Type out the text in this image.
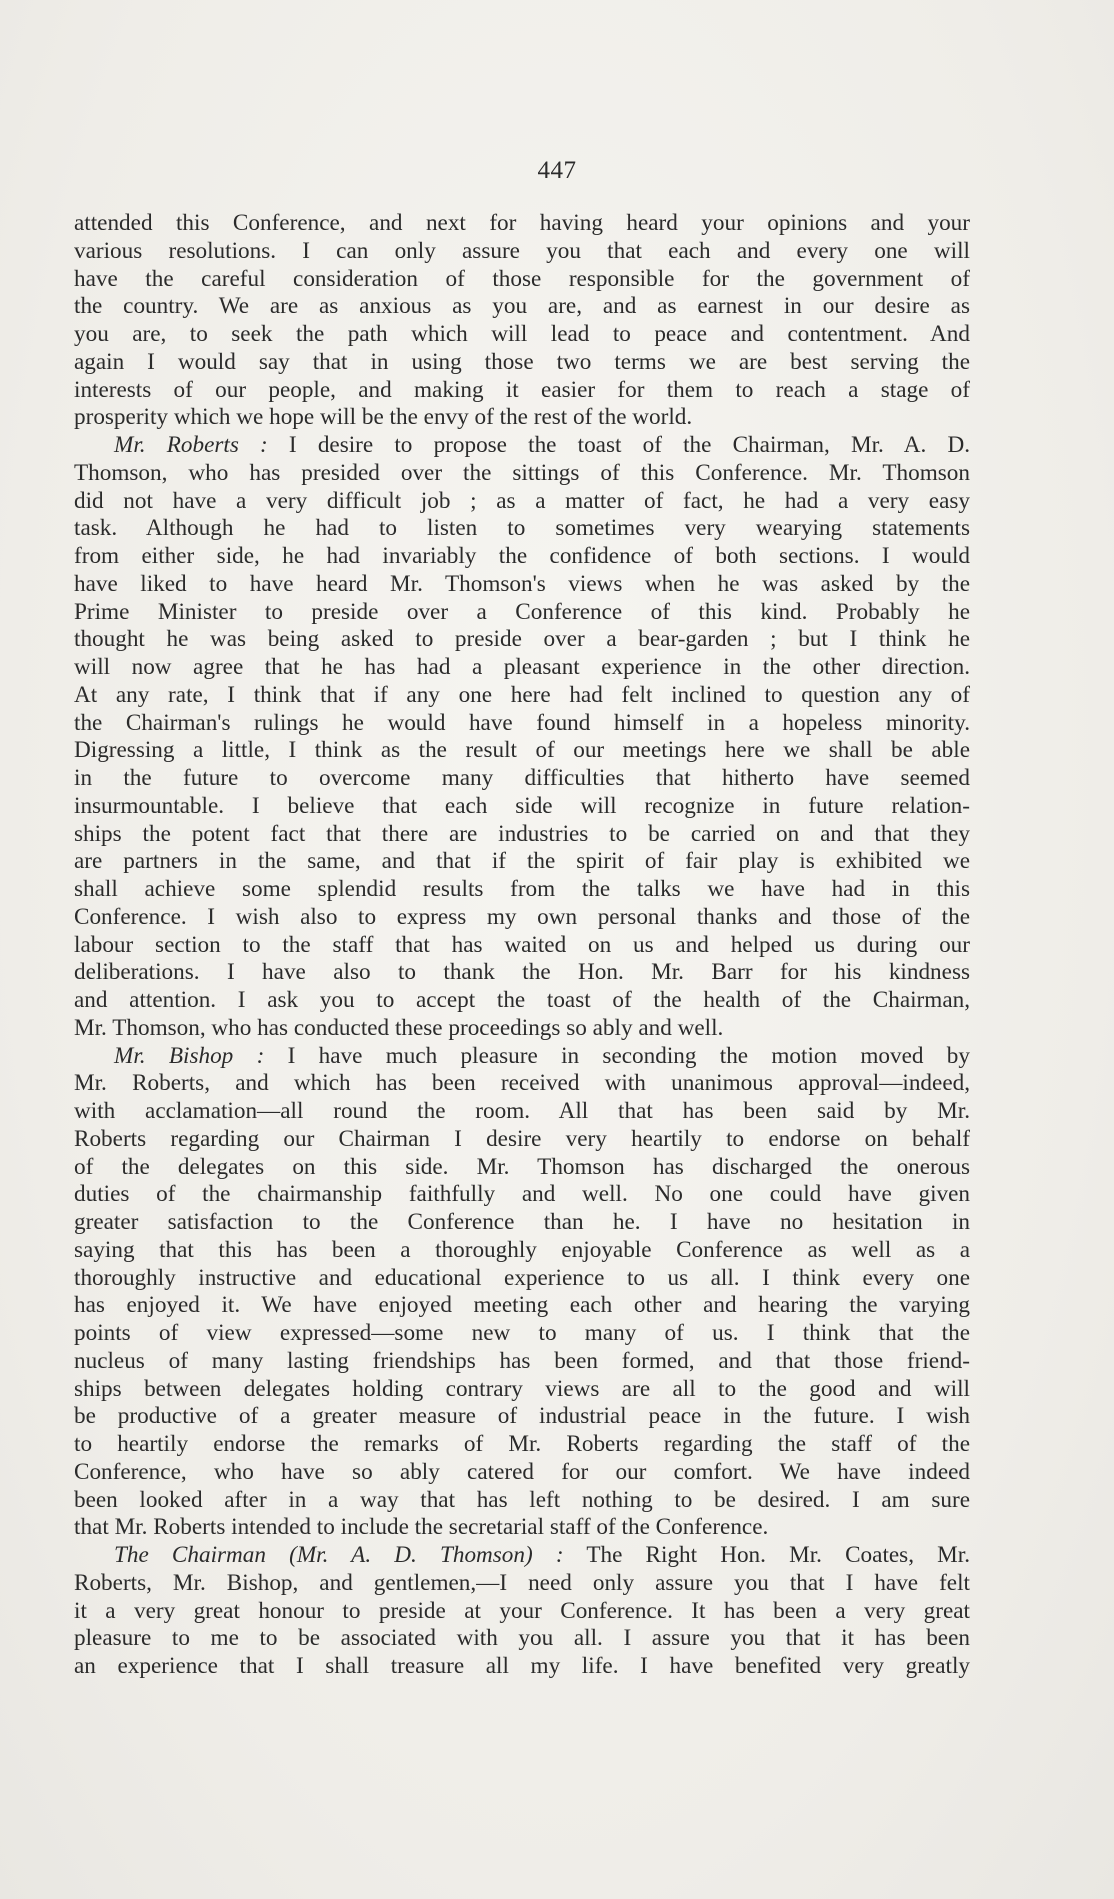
447
attended this Conference, and next for having heard your opinions and your
various resolutions. I can only assure you that each and every one will
have the careful consideration of those responsible for the government of
the country. We are as anxious as you are, and as earnest in our desire as
you are, to seek the path which will lead to peace and contentment. And
again I would say that in using those two terms we are best serving the
interests of our people, and making it easier for them to reach a stage of
prosperity which we hope will be the envy of the rest of the world.
Mr. Roberts : I desire to propose the toast of the Chairman, Mr. A. D.
Thomson, who has presided over the sittings of this Conference. Mr. Thomson
did not have a very difficult job ; as a matter of fact, he had a very easy
task. Although he had to listen to sometimes very wearying statements
from either side, he had invariably the confidence of both sections. I would
have liked to have heard Mr. Thomson's views when he was asked by the
Prime Minister to preside over a Conference of this kind. Probably he
thought he was being asked to preside over a bear-garden ; but I think he
will now agree that he has had a pleasant experience in the other direction.
At any rate, I think that if any one here had felt inclined to question any of
the Chairman's rulings he would have found himself in a hopeless minority.
Digressing a little, I think as the result of our meetings here we shall be able
in the future to overcome many difficulties that hitherto have seemed
insurmountable. I believe that each side will recognize in future relation-
ships the potent fact that there are industries to be carried on and that they
are partners in the same, and that if the spirit of fair play is exhibited we
shall achieve some splendid results from the talks we have had in this
Conference. I wish also to express my own personal thanks and those of the
labour section to the staff that has waited on us and helped us during our
deliberations. I have also to thank the Hon. Mr. Barr for his kindness
and attention. I ask you to accept the toast of the health of the Chairman,
Mr. Thomson, who has conducted these proceedings so ably and well.
Mr. Bishop : I have much pleasure in seconding the motion moved by
Mr. Roberts, and which has been received with unanimous approval—indeed,
with acclamation—all round the room. All that has been said by Mr.
Roberts regarding our Chairman I desire very heartily to endorse on behalf
of the delegates on this side. Mr. Thomson has discharged the onerous
duties of the chairmanship faithfully and well. No one could have given
greater satisfaction to the Conference than he. I have no hesitation in
saying that this has been a thoroughly enjoyable Conference as well as a
thoroughly instructive and educational experience to us all. I think every one
has enjoyed it. We have enjoyed meeting each other and hearing the varying
points of view expressed—some new to many of us. I think that the
nucleus of many lasting friendships has been formed, and that those friend-
ships between delegates holding contrary views are all to the good and will
be productive of a greater measure of industrial peace in the future. I wish
to heartily endorse the remarks of Mr. Roberts regarding the staff of the
Conference, who have so ably catered for our comfort. We have indeed
been looked after in a way that has left nothing to be desired. I am sure
that Mr. Roberts intended to include the secretarial staff of the Conference.
The Chairman (Mr. A. D. Thomson) : The Right Hon. Mr. Coates, Mr.
Roberts, Mr. Bishop, and gentlemen,—I need only assure you that I have felt
it a very great honour to preside at your Conference. It has been a very great
pleasure to me to be associated with you all. I assure you that it has been
an experience that I shall treasure all my life. I have benefited very greatly
